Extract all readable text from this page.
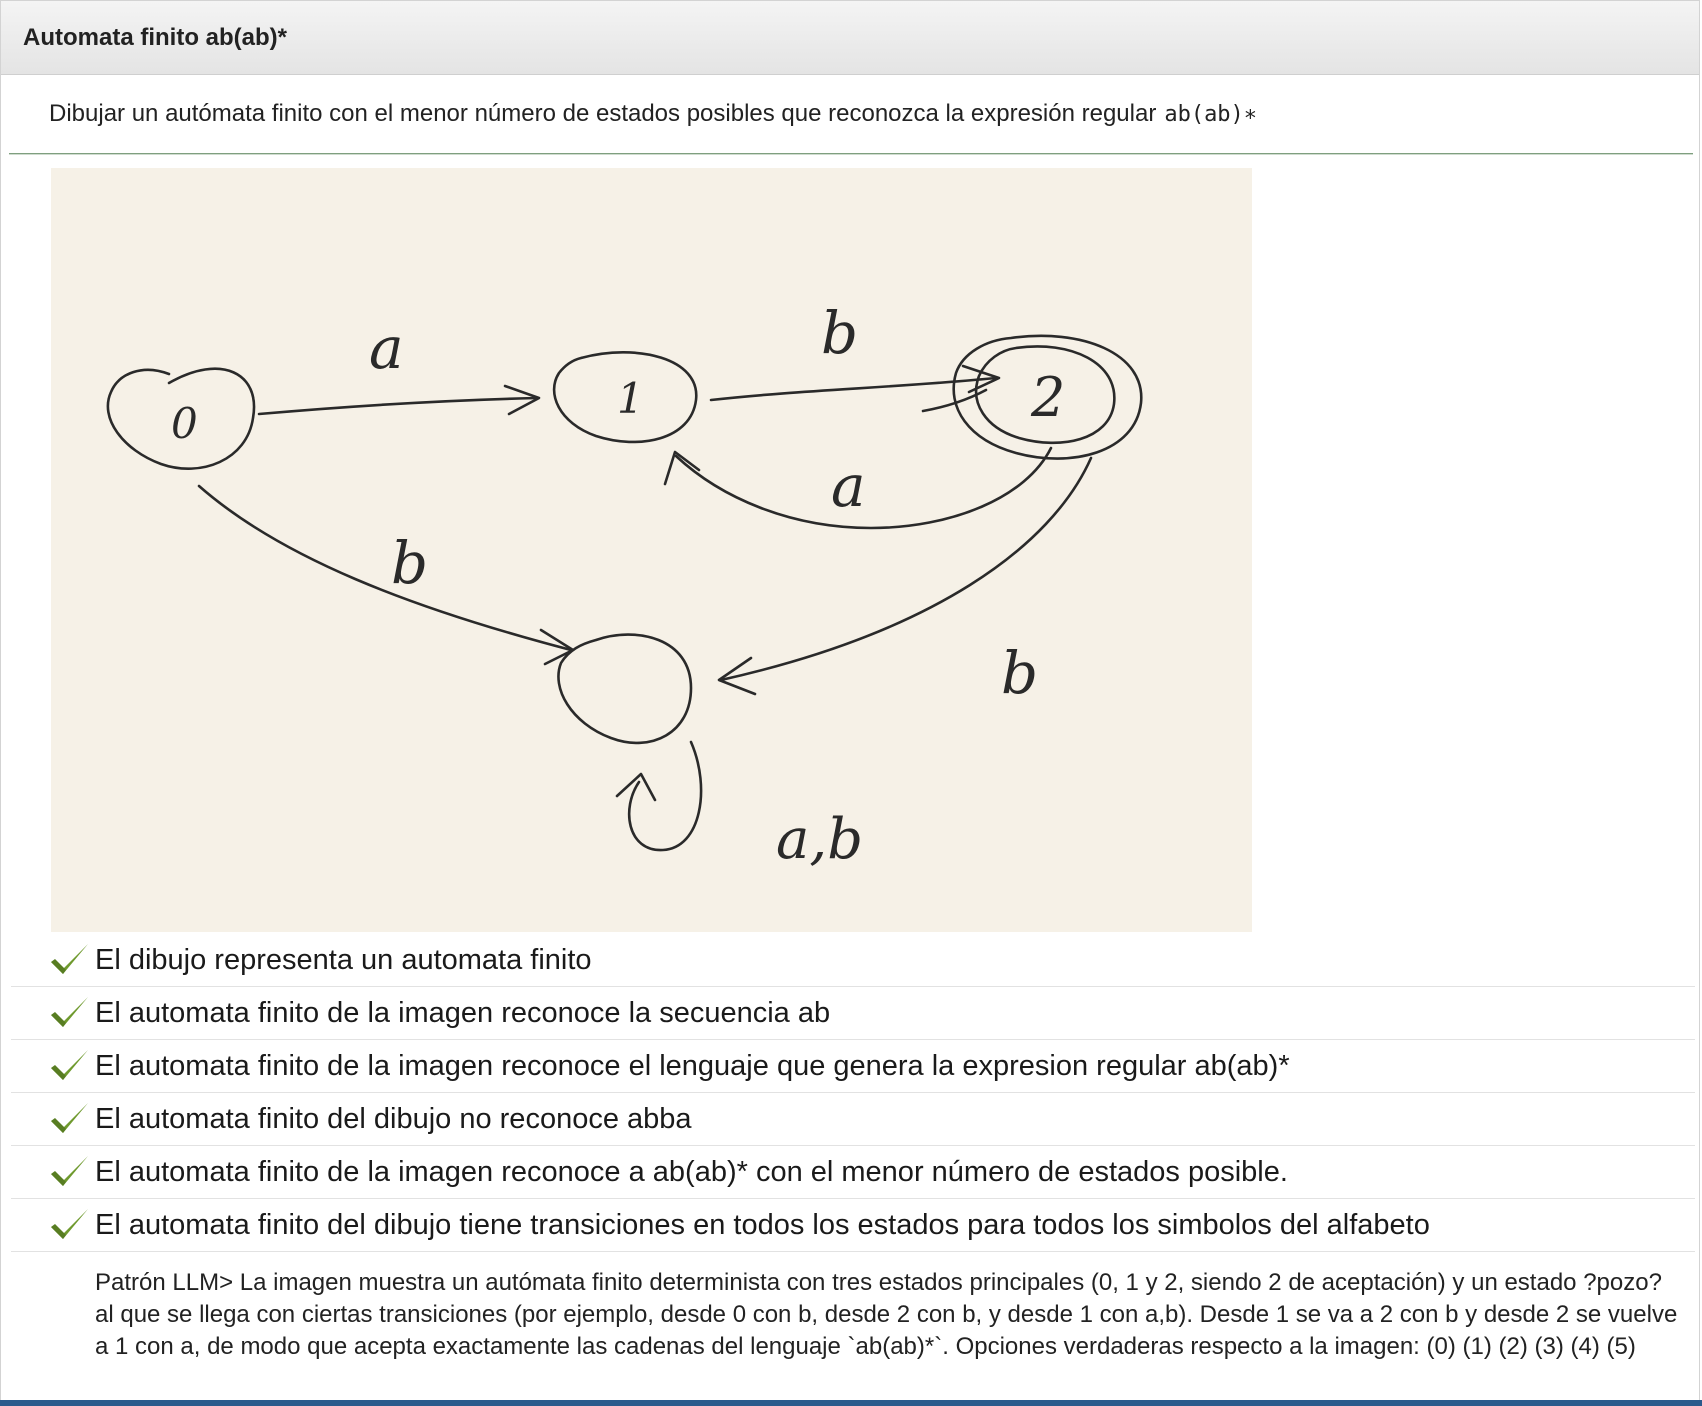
Automata finito ab(ab)*
Dibujar un autómata finito con el menor número de estados posibles que reconozca la expresión regular ab(ab)∗
0
1	2
a	b
a
b
b
a,b
El dibujo representa un automata finito
El automata finito de la imagen reconoce la secuencia ab
El automata finito de la imagen reconoce el lenguaje que genera la expresion regular ab(ab)*
El automata finito del dibujo no reconoce abba
El automata finito de la imagen reconoce a ab(ab)* con el menor número de estados posible.
El automata finito del dibujo tiene transiciones en todos los estados para todos los simbolos del alfabeto
Patrón LLM> La imagen muestra un autómata finito determinista con tres estados principales (0, 1 y 2, siendo 2 de aceptación) y un estado ?pozo? al que se llega con ciertas transiciones (por ejemplo, desde 0 con b, desde 2 con b, y desde 1 con a,b). Desde 1 se va a 2 con b y desde 2 se vuelve a 1 con a, de modo que acepta exactamente las cadenas del lenguaje `ab(ab)*`. Opciones verdaderas respecto a la imagen: (0) (1) (2) (3) (4) (5)
